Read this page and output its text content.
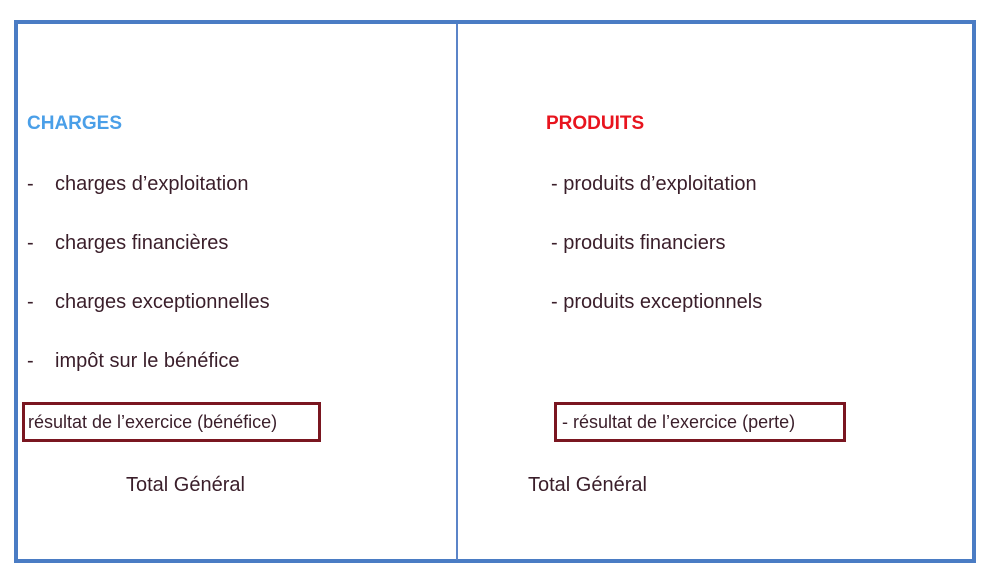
CHARGES
- charges d’exploitation
- charges financières
- charges exceptionnelles
- impôt sur le bénéfice
résultat de l’exercice (bénéfice)
Total Général
PRODUITS
- produits d’exploitation
- produits financiers
- produits exceptionnels
- résultat de l’exercice (perte)
Total Général
